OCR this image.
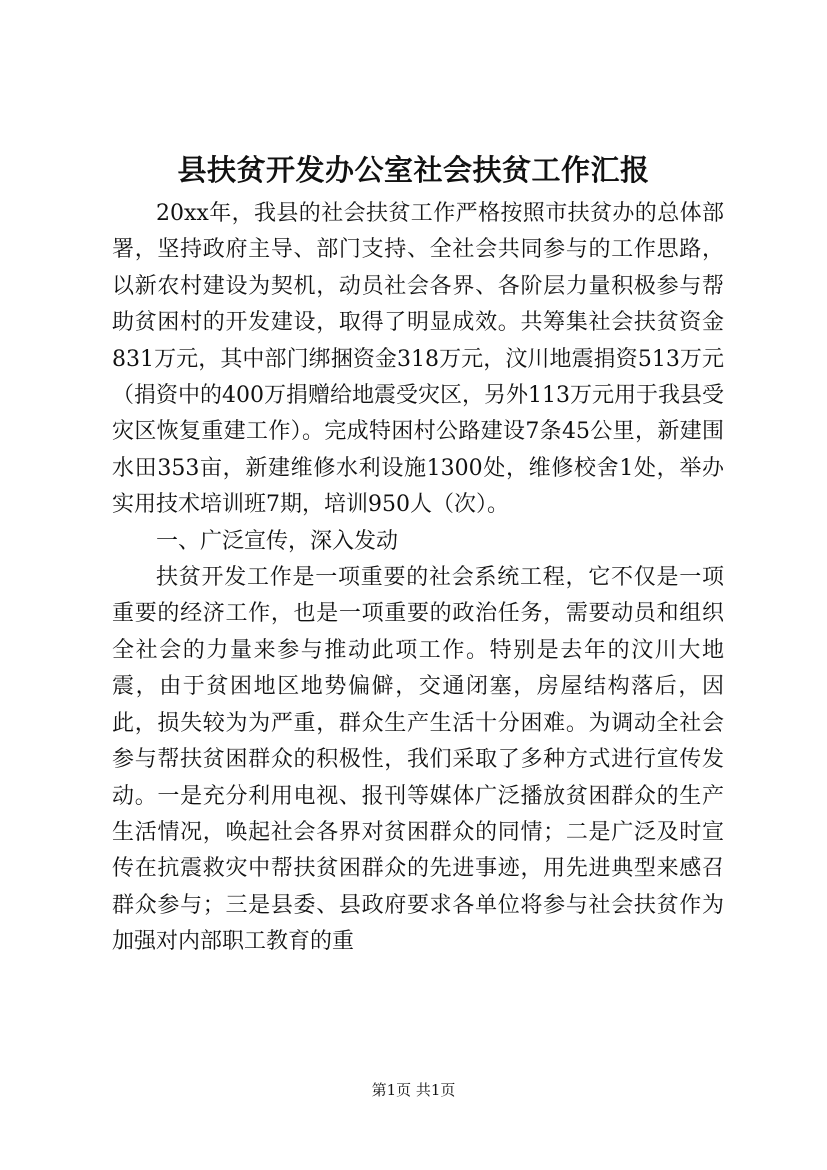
县扶贫开发办公室社会扶贫工作汇报

20xx年，我县的社会扶贫工作严格按照市扶贫办的总体部署，坚持政府主导、部门支持、全社会共同参与的工作思路，以新农村建设为契机，动员社会各界、各阶层力量积极参与帮助贫困村的开发建设，取得了明显成效。共筹集社会扶贫资金831万元，其中部门绑捆资金318万元，汶川地震捐资513万元（捐资中的400万捐赠给地震受灾区，另外113万元用于我县受灾区恢复重建工作）。完成特困村公路建设7条45公里，新建围水田353亩，新建维修水利设施1300处，维修校舍1处，举办实用技术培训班7期，培训950人（次）。

一、广泛宣传，深入发动

扶贫开发工作是一项重要的社会系统工程，它不仅是一项重要的经济工作，也是一项重要的政治任务，需要动员和组织全社会的力量来参与推动此项工作。特别是去年的汶川大地震，由于贫困地区地势偏僻，交通闭塞，房屋结构落后，因此，损失较为为严重，群众生产生活十分困难。为调动全社会参与帮扶贫困群众的积极性，我们采取了多种方式进行宣传发动。一是充分利用电视、报刊等媒体广泛播放贫困群众的生产生活情况，唤起社会各界对贫困群众的同情；二是广泛及时宣传在抗震救灾中帮扶贫困群众的先进事迹，用先进典型来感召群众参与；三是县委、县政府要求各单位将参与社会扶贫作为加强对内部职工教育的重

第1页 共1页
